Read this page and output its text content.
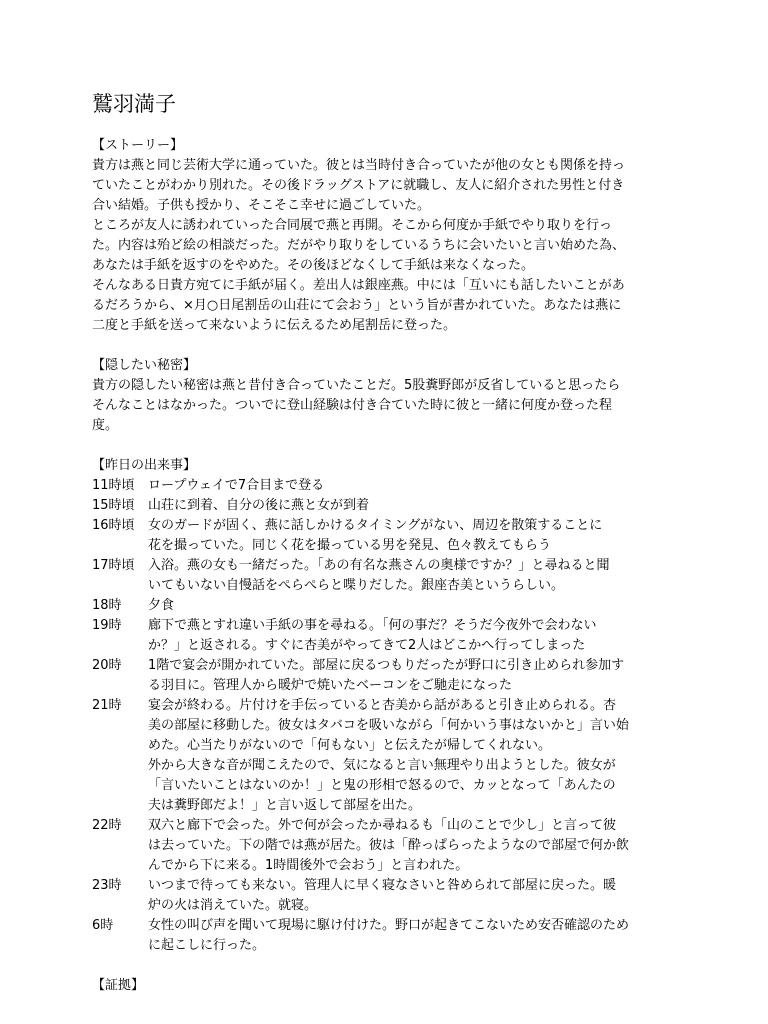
鷲羽満子
【ストーリー】
貴方は燕と同じ芸術大学に通っていた。彼とは当時付き合っていたが他の女とも関係を持っ
ていたことがわかり別れた。その後ドラッグストアに就職し、友人に紹介された男性と付き
合い結婚。子供も授かり、そこそこ幸せに過ごしていた。
ところが友人に誘われていった合同展で燕と再開。そこから何度か手紙でやり取りを行っ
た。内容は殆ど絵の相談だった。だがやり取りをしているうちに会いたいと言い始めた為、
あなたは手紙を返すのをやめた。その後ほどなくして手紙は来なくなった。
そんなある日貴方宛てに手紙が届く。差出人は銀座燕。中には「互いにも話したいことがあ
るだろうから、×月○日尾割岳の山荘にて会おう」という旨が書かれていた。あなたは燕に
二度と手紙を送って来ないように伝えるため尾割岳に登った。
【隠したい秘密】
貴方の隠したい秘密は燕と昔付き合っていたことだ。5股糞野郎が反省していると思ったら
そんなことはなかった。ついでに登山経験は付き合ていた時に彼と一緒に何度か登った程
度。
【昨日の出来事】
11時頃	ロープウェイで7合目まで登る
15時頃	山荘に到着、自分の後に燕と女が到着
16時頃	女のガードが固く、燕に話しかけるタイミングがない、周辺を散策することに
花を撮っていた。同じく花を撮っている男を発見、色々教えてもらう
17時頃	入浴。燕の女も一緒だった。「あの有名な燕さんの奥様ですか？」と尋ねると聞
いてもいない自慢話をぺらぺらと喋りだした。銀座杏美というらしい。
18時	夕食
19時	廊下で燕とすれ違い手紙の事を尋ねる。「何の事だ？そうだ今夜外で会わない
か？」と返される。すぐに杏美がやってきて2人はどこかへ行ってしまった
20時	1階で宴会が開かれていた。部屋に戻るつもりだったが野口に引き止められ参加す
る羽目に。管理人から暖炉で焼いたベーコンをご馳走になった
21時	宴会が終わる。片付けを手伝っていると杏美から話があると引き止められる。杏
美の部屋に移動した。彼女はタバコを吸いながら「何かいう事はないかと」言い始
めた。心当たりがないので「何もない」と伝えたが帰してくれない。
外から大きな音が聞こえたので、気になると言い無理やり出ようとした。彼女が
「言いたいことはないのか！」と鬼の形相で怒るので、カッとなって「あんたの
夫は糞野郎だよ！」と言い返して部屋を出た。
22時	双六と廊下で会った。外で何が会ったか尋ねるも「山のことで少し」と言って彼
は去っていた。下の階では燕が居た。彼は「酔っぱらったようなので部屋で何か飲
んでから下に来る。1時間後外で会おう」と言われた。
23時	いつまで待っても来ない。管理人に早く寝なさいと咎められて部屋に戻った。暖
炉の火は消えていた。就寝。
6時	女性の叫び声を聞いて現場に駆け付けた。野口が起きてこないため安否確認のため
に起こしに行った。
【証拠】
